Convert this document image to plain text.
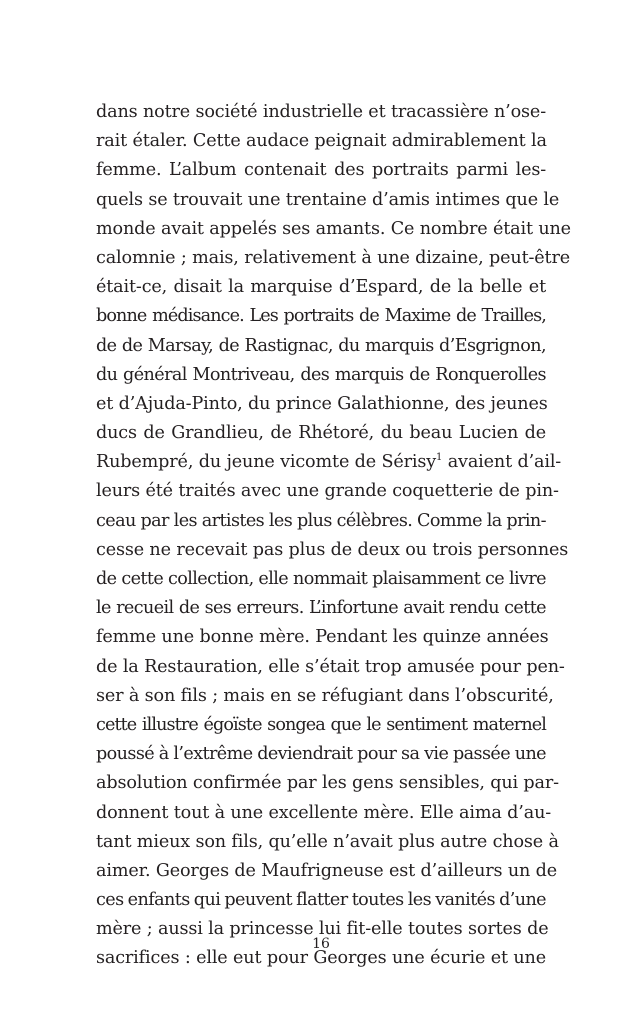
dans notre société industrielle et tracassière n’ose-
rait étaler. Cette audace peignait admirablement la
femme. L’album contenait des portraits parmi les-
quels se trouvait une trentaine d’amis intimes que le
monde avait appelés ses amants. Ce nombre était une
calomnie ; mais, relativement à une dizaine, peut-être
était-ce, disait la marquise d’Espard, de la belle et
bonne médisance. Les portraits de Maxime de Trailles,
de de Marsay, de Rastignac, du marquis d’Esgrignon,
du général Montriveau, des marquis de Ronquerolles
et d’Ajuda-Pinto, du prince Galathionne, des jeunes
ducs de Grandlieu, de Rhétoré, du beau Lucien de
Rubempré, du jeune vicomte de Sérisy$^1$ avaient d’ail-
leurs été traités avec une grande coquetterie de pin-
ceau par les artistes les plus célèbres. Comme la prin-
cesse ne recevait pas plus de deux ou trois personnes
de cette collection, elle nommait plaisamment ce livre
le recueil de ses erreurs. L’infortune avait rendu cette
femme une bonne mère. Pendant les quinze années
de la Restauration, elle s’était trop amusée pour pen-
ser à son fils ; mais en se réfugiant dans l’obscurité,
cette illustre égoïste songea que le sentiment maternel
poussé à l’extrême deviendrait pour sa vie passée une
absolution confirmée par les gens sensibles, qui par-
donnent tout à une excellente mère. Elle aima d’au-
tant mieux son fils, qu’elle n’avait plus autre chose à
aimer. Georges de Maufrigneuse est d’ailleurs un de
ces enfants qui peuvent flatter toutes les vanités d’une
mère ; aussi la princesse lui fit-elle toutes sortes de
sacrifices : elle eut pour Georges une écurie et une
16
